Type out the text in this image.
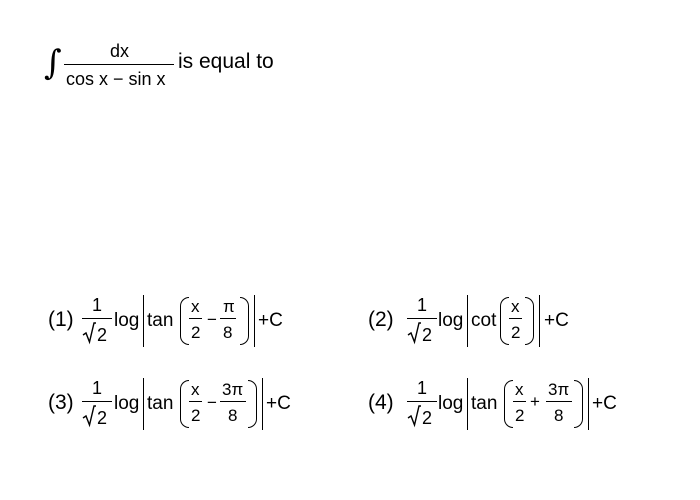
∫	dx
cos x − sin x
is equal to
(1)
1
2
log tan
x
2
−
π
8
+C	(2)
1
2
log cot
x
2
+C
(3)
1
2
log tan
x
2
−
3π
8
+C	(4)
1
2
log tan
x
2
+
3π
8
+C
